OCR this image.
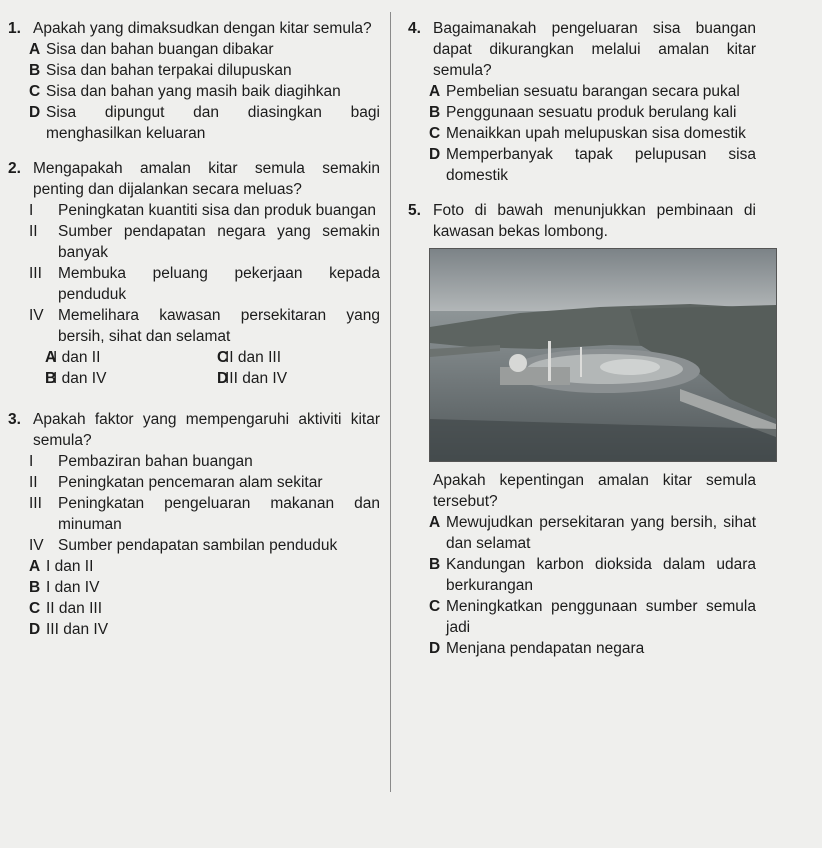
1. Apakah yang dimaksudkan dengan kitar semula?
A Sisa dan bahan buangan dibakar
B Sisa dan bahan terpakai dilupuskan
C Sisa dan bahan yang masih baik diagihkan
D Sisa dipungut dan diasingkan bagi menghasilkan keluaran
2. Mengapakah amalan kitar semula semakin penting dan dijalankan secara meluas?
I Peningkatan kuantiti sisa dan produk buangan
II Sumber pendapatan negara yang semakin banyak
III Membuka peluang pekerjaan kepada penduduk
IV Memelihara kawasan persekitaran yang bersih, sihat dan selamat
A
I dan II	C
II dan III
B
I dan IV	D
III dan IV
3. Apakah faktor yang mempengaruhi aktiviti kitar semula?
I Pembaziran bahan buangan
II Peningkatan pencemaran alam sekitar
III Peningkatan pengeluaran makanan dan minuman
IV Sumber pendapatan sambilan penduduk
A I dan II
B I dan IV
C II dan III
D III dan IV
4. Bagaimanakah pengeluaran sisa buangan dapat dikurangkan melalui amalan kitar semula?
A Pembelian sesuatu barangan secara pukal
B Penggunaan sesuatu produk berulang kali
C Menaikkan upah melupuskan sisa domestik
D Memperbanyak tapak pelupusan sisa domestik
5. Foto di bawah menunjukkan pembinaan di kawasan bekas lombong.
Apakah kepentingan amalan kitar semula tersebut?
A Mewujudkan persekitaran yang bersih, sihat dan selamat
B Kandungan karbon dioksida dalam udara berkurangan
C Meningkatkan penggunaan sumber semula jadi
D Menjana pendapatan negara
